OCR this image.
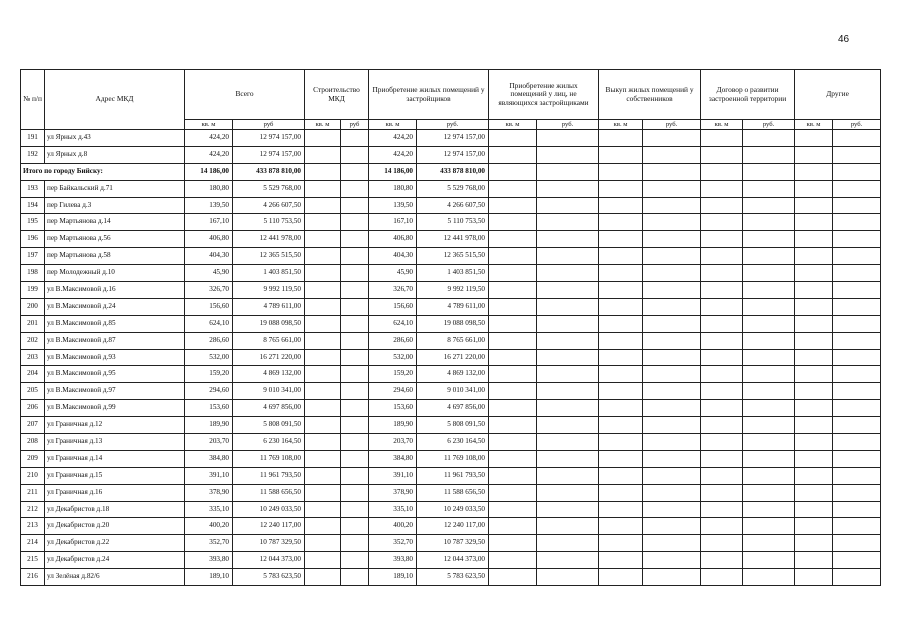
46
№ п/п	Адрес МКД	Всего		Строительство МКД		Приобретение жилых помещений у застройщиков		Приобретение жилых помещений у лиц, не являющихся застройщиками		Выкуп жилых помещений у собственников		Договор о развитии застроенной территории		Другие	
		кв. м	руб	кв. м	руб	кв. м	руб.	кв. м	руб.	кв. м	руб.	кв. м	руб.	кв. м	руб.
191	ул Ярных д.43	424,20	12 974 157,00			424,20	12 974 157,00								
192	ул Ярных д.8	424,20	12 974 157,00			424,20	12 974 157,00								
Итого по городу Бийску:		14 186,00	433 878 810,00			14 186,00	433 878 810,00								
193	пер Байкальский д.71	180,80	5 529 768,00			180,80	5 529 768,00								
194	пер Гилева д.3	139,50	4 266 607,50			139,50	4 266 607,50								
195	пер Мартьянова д.14	167,10	5 110 753,50			167,10	5 110 753,50								
196	пер Мартьянова д.56	406,80	12 441 978,00			406,80	12 441 978,00								
197	пер Мартьянова д.58	404,30	12 365 515,50			404,30	12 365 515,50								
198	пер Молодежный д.10	45,90	1 403 851,50			45,90	1 403 851,50								
199	ул В.Максимовой д.16	326,70	9 992 119,50			326,70	9 992 119,50								
200	ул В.Максимовой д.24	156,60	4 789 611,00			156,60	4 789 611,00								
201	ул В.Максимовой д.85	624,10	19 088 098,50			624,10	19 088 098,50								
202	ул В.Максимовой д.87	286,60	8 765 661,00			286,60	8 765 661,00								
203	ул В.Максимовой д.93	532,00	16 271 220,00			532,00	16 271 220,00								
204	ул В.Максимовой д.95	159,20	4 869 132,00			159,20	4 869 132,00								
205	ул В.Максимовой д.97	294,60	9 010 341,00			294,60	9 010 341,00								
206	ул В.Максимовой д.99	153,60	4 697 856,00			153,60	4 697 856,00								
207	ул Граничная д.12	189,90	5 808 091,50			189,90	5 808 091,50								
208	ул Граничная д.13	203,70	6 230 164,50			203,70	6 230 164,50								
209	ул Граничная д.14	384,80	11 769 108,00			384,80	11 769 108,00								
210	ул Граничная д.15	391,10	11 961 793,50			391,10	11 961 793,50								
211	ул Граничная д.16	378,90	11 588 656,50			378,90	11 588 656,50								
212	ул Декабристов д.18	335,10	10 249 033,50			335,10	10 249 033,50								
213	ул Декабристов д.20	400,20	12 240 117,00			400,20	12 240 117,00								
214	ул Декабристов д.22	352,70	10 787 329,50			352,70	10 787 329,50								
215	ул Декабристов д.24	393,80	12 044 373,00			393,80	12 044 373,00								
216	ул Зелёная д.82/6	189,10	5 783 623,50			189,10	5 783 623,50								
